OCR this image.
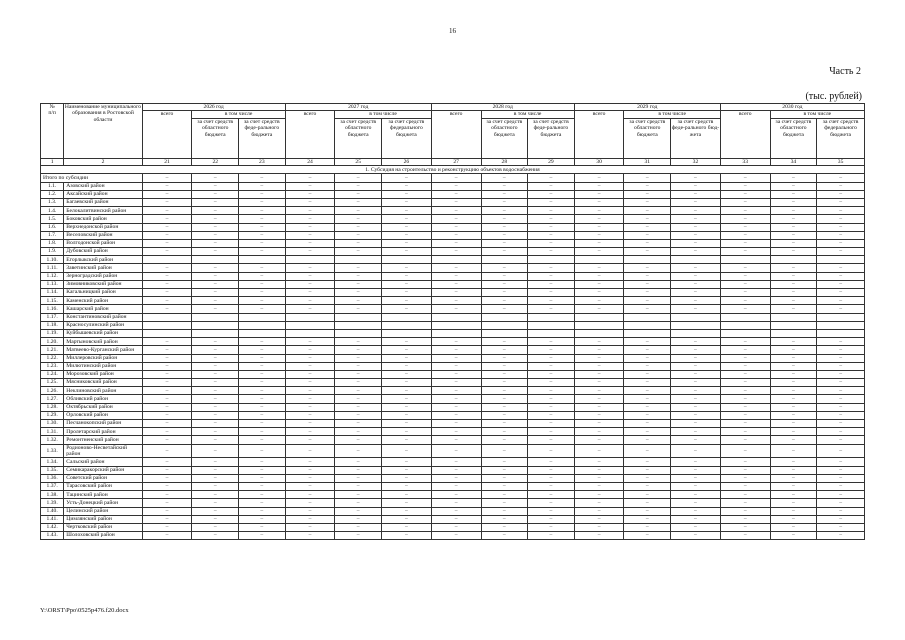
16
Часть 2
(тыс. рублей)
№
п/п	Наименование муниципального образования в Ростовской области	2026 год			2027 год			2028 год			2029 год			2030 год		
		всего	в том числе		всего	в том числе		всего	в том числе		всего	в том числе		всего	в том числе	
			за счет средств областного бюджета	за счет средств феде-рального бюджета		за счет средств областного бюджета	за счет средств федерального бюджета		за счет средств областного бюджета	за счет средств феде-рального бюджета		за счет средств областного бюджета	за счет средств феде-рального бюд-жета		за счет средств областного бюджета	за счет средств федерального бюджета
1	2	21	22	23	24	25	26	27	28	29	30	31	32	33	34	35
1. Субсидия на строительство и реконструкцию объектов водоснабжения																
Итого по субсидии		–	–	–	–	–	–	–	–	–	–	–	–	–	–	–
1.1.	Азовский район	–	–	–	–	–	–	–	–	–	–	–	–	–	–	–
1.2.	Аксайский район	–	–	–	–	–	–	–	–	–	–	–	–	–	–	–
1.3.	Багаевский район	–	–	–	–	–	–	–	–	–	–	–	–	–	–	–
1.4.	Белокалитвинский район	–	–	–	–	–	–	–	–	–	–	–	–	–	–	–
1.5.	Боковский район	–	–	–	–	–	–	–	–	–	–	–	–	–	–	–
1.6.	Верхнедонской район	–	–	–	–	–	–	–	–	–	–	–	–	–	–	–
1.7.	Веселовский район	–	–	–	–	–	–	–	–	–	–	–	–	–	–	–
1.8.	Волгодонской район	–	–	–	–	–	–	–	–	–	–	–	–	–	–	–
1.9.	Дубовский район	–	–	–	–	–	–	–	–	–	–	–	–	–	–	–
1.10.	Егорлыкский район															
1.11.	Заветинский район	–	–	–	–	–	–	–	–	–	–	–	–	–	–	–
1.12.	Зерноградский район	–	–	–	–	–	–	–	–	–	–	–	–	–	–	–
1.13.	Зимовниковский район	–	–	–	–	–	–	–	–	–	–	–	–	–	–	–
1.14.	Кагальницкий район	–	–	–	–	–	–	–	–	–	–	–	–	–	–	–
1.15.	Каменский район	–	–	–	–	–	–	–	–	–	–	–	–	–	–	–
1.16.	Кашарский район	–	–	–	–	–	–	–	–	–	–	–	–	–	–	–
1.17.	Константиновский район															
1.18.	Красносулинский район															
1.19.	Куйбышевский район															
1.20.	Мартыновский район	–	–	–	–	–	–	–	–	–	–	–	–	–	–	–
1.21.	Матвеево-Курганский район	–	–	–	–	–	–	–	–	–	–	–	–	–	–	–
1.22.	Миллеровский район	–	–	–	–	–	–	–	–	–	–	–	–	–	–	–
1.23.	Милютинский район	–	–	–	–	–	–	–	–	–	–	–	–	–	–	–
1.24.	Морозовский район	–	–	–	–	–	–	–	–	–	–	–	–	–	–	–
1.25.	Мясниковский район	–	–	–	–	–	–	–	–	–	–	–	–	–	–	–
1.26.	Неклиновский район	–	–	–	–	–	–	–	–	–	–	–	–	–	–	–
1.27.	Обливский район	–	–	–	–	–	–	–	–	–	–	–	–	–	–	–
1.28.	Октябрьский район	–	–	–	–	–	–	–	–	–	–	–	–	–	–	–
1.29.	Орловский район	–	–	–	–	–	–	–	–	–	–	–	–	–	–	–
1.30.	Песчанокопский район	–	–	–	–	–	–	–	–	–	–	–	–	–	–	–
1.31.	Пролетарский район	–	–	–	–	–	–	–	–	–	–	–	–	–	–	–
1.32.	Ремонтненский район	–	–	–	–	–	–	–	–	–	–	–	–	–	–	–
1.33.	Родионово-Несветайский район	–	–	–	–	–	–	–	–	–	–	–	–	–	–	–
1.34.	Сальский район	–	–	–	–	–	–	–	–	–	–	–	–	–	–	–
1.35.	Семикаракорский район	–	–	–	–	–	–	–	–	–	–	–	–	–	–	–
1.36.	Советский район	–	–	–	–	–	–	–	–	–	–	–	–	–	–	–
1.37.	Тарасовский район	–	–	–	–	–	–	–	–	–	–	–	–	–	–	–
1.38.	Тацинский район	–	–	–	–	–	–	–	–	–	–	–	–	–	–	–
1.39.	Усть-Донецкий район	–	–	–	–	–	–	–	–	–	–	–	–	–	–	–
1.40.	Целинский район	–	–	–	–	–	–	–	–	–	–	–	–	–	–	–
1.41.	Цимлянский район	–	–	–	–	–	–	–	–	–	–	–	–	–	–	–
1.42.	Чертковский район	–	–	–	–	–	–	–	–	–	–	–	–	–	–	–
1.43.	Шолоховский район	–	–	–	–	–	–	–	–	–	–	–	–	–	–	–
Y:\ORST\Ppo\0525p476.f20.docx
